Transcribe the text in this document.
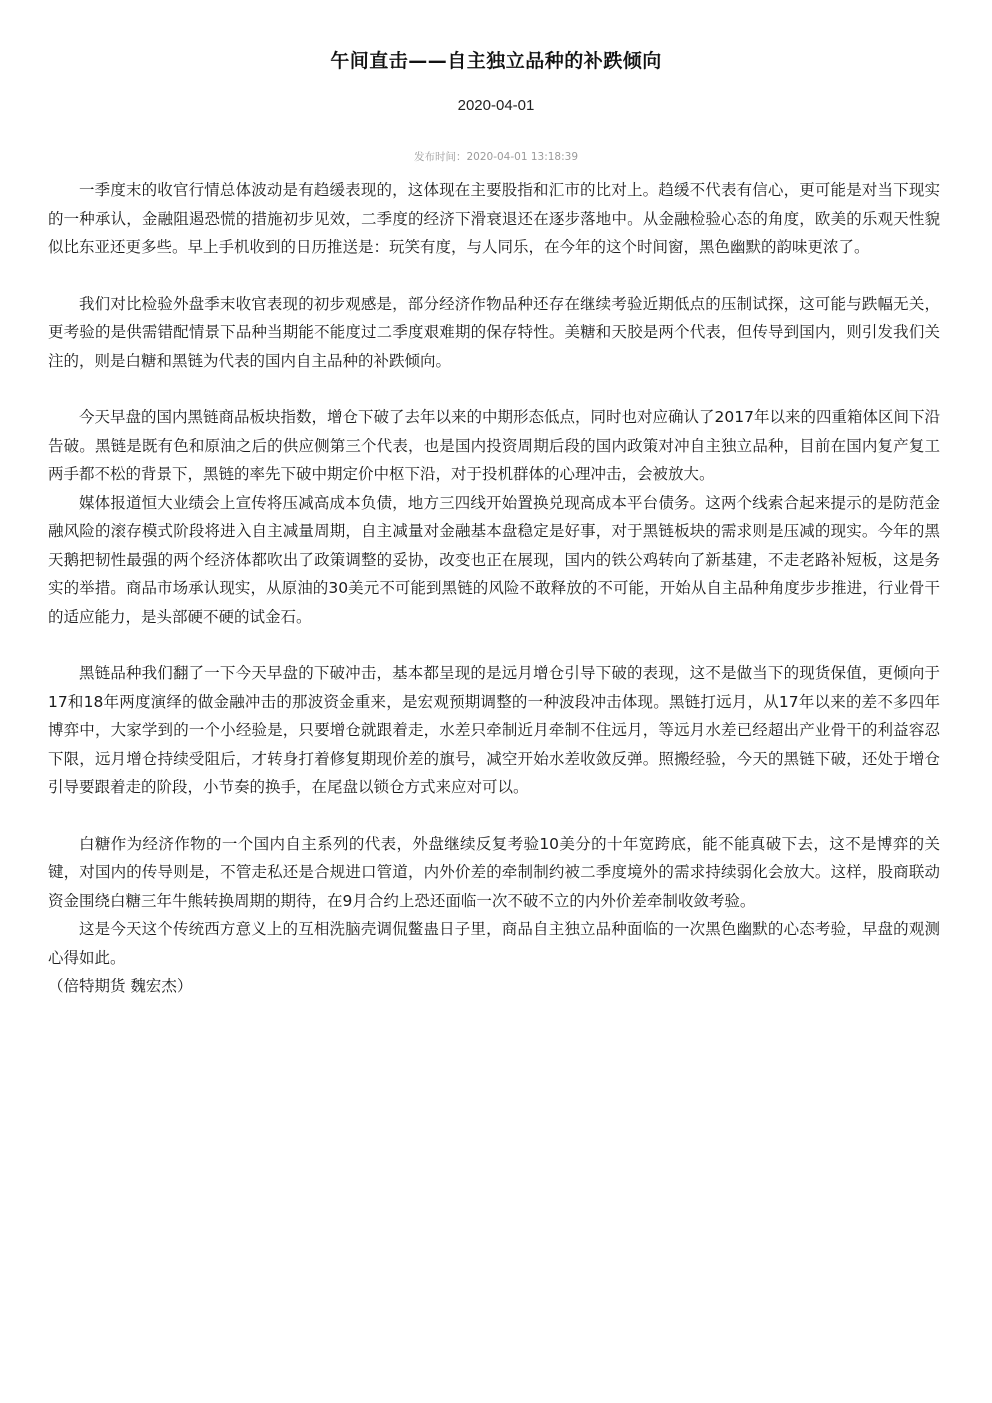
午间直击——自主独立品种的补跌倾向
2020-04-01
发布时间：2020-04-01 13:18:39

一季度末的收官行情总体波动是有趋缓表现的，这体现在主要股指和汇市的比对上。趋缓不代表有信心，更可能是对当下现实的一种承认，金融阻遏恐慌的措施初步见效，二季度的经济下滑衰退还在逐步落地中。从金融检验心态的角度，欧美的乐观天性貌似比东亚还更多些。早上手机收到的日历推送是：玩笑有度，与人同乐，在今年的这个时间窗，黑色幽默的韵味更浓了。

我们对比检验外盘季末收官表现的初步观感是，部分经济作物品种还存在继续考验近期低点的压制试探，这可能与跌幅无关，更考验的是供需错配情景下品种当期能不能度过二季度艰难期的保存特性。美糖和天胶是两个代表，但传导到国内，则引发我们关注的，则是白糖和黑链为代表的国内自主品种的补跌倾向。

今天早盘的国内黑链商品板块指数，增仓下破了去年以来的中期形态低点，同时也对应确认了2017年以来的四重箱体区间下沿告破。黑链是既有色和原油之后的供应侧第三个代表，也是国内投资周期后段的国内政策对冲自主独立品种，目前在国内复产复工两手都不松的背景下，黑链的率先下破中期定价中枢下沿，对于投机群体的心理冲击，会被放大。

媒体报道恒大业绩会上宣传将压减高成本负债，地方三四线开始置换兑现高成本平台债务。这两个线索合起来提示的是防范金融风险的滚存模式阶段将进入自主减量周期，自主减量对金融基本盘稳定是好事，对于黑链板块的需求则是压减的现实。今年的黑天鹅把韧性最强的两个经济体都吹出了政策调整的妥协，改变也正在展现，国内的铁公鸡转向了新基建，不走老路补短板，这是务实的举措。商品市场承认现实，从原油的30美元不可能到黑链的风险不敢释放的不可能，开始从自主品种角度步步推进，行业骨干的适应能力，是头部硬不硬的试金石。

黑链品种我们翻了一下今天早盘的下破冲击，基本都呈现的是远月增仓引导下破的表现，这不是做当下的现货保值，更倾向于17和18年两度演绎的做金融冲击的那波资金重来，是宏观预期调整的一种波段冲击体现。黑链打远月，从17年以来的差不多四年博弈中，大家学到的一个小经验是，只要增仓就跟着走，水差只牵制近月牵制不住远月，等远月水差已经超出产业骨干的利益容忍下限，远月增仓持续受阻后，才转身打着修复期现价差的旗号，减空开始水差收敛反弹。照搬经验，今天的黑链下破，还处于增仓引导要跟着走的阶段，小节奏的换手，在尾盘以锁仓方式来应对可以。

白糖作为经济作物的一个国内自主系列的代表，外盘继续反复考验10美分的十年宽跨底，能不能真破下去，这不是博弈的关键，对国内的传导则是，不管走私还是合规进口管道，内外价差的牵制制约被二季度境外的需求持续弱化会放大。这样，股商联动资金围绕白糖三年牛熊转换周期的期待，在9月合约上恐还面临一次不破不立的内外价差牵制收敛考验。

这是今天这个传统西方意义上的互相洗脑壳调侃鳖蛊日子里，商品自主独立品种面临的一次黑色幽默的心态考验，早盘的观测心得如此。

（倍特期货 魏宏杰）
